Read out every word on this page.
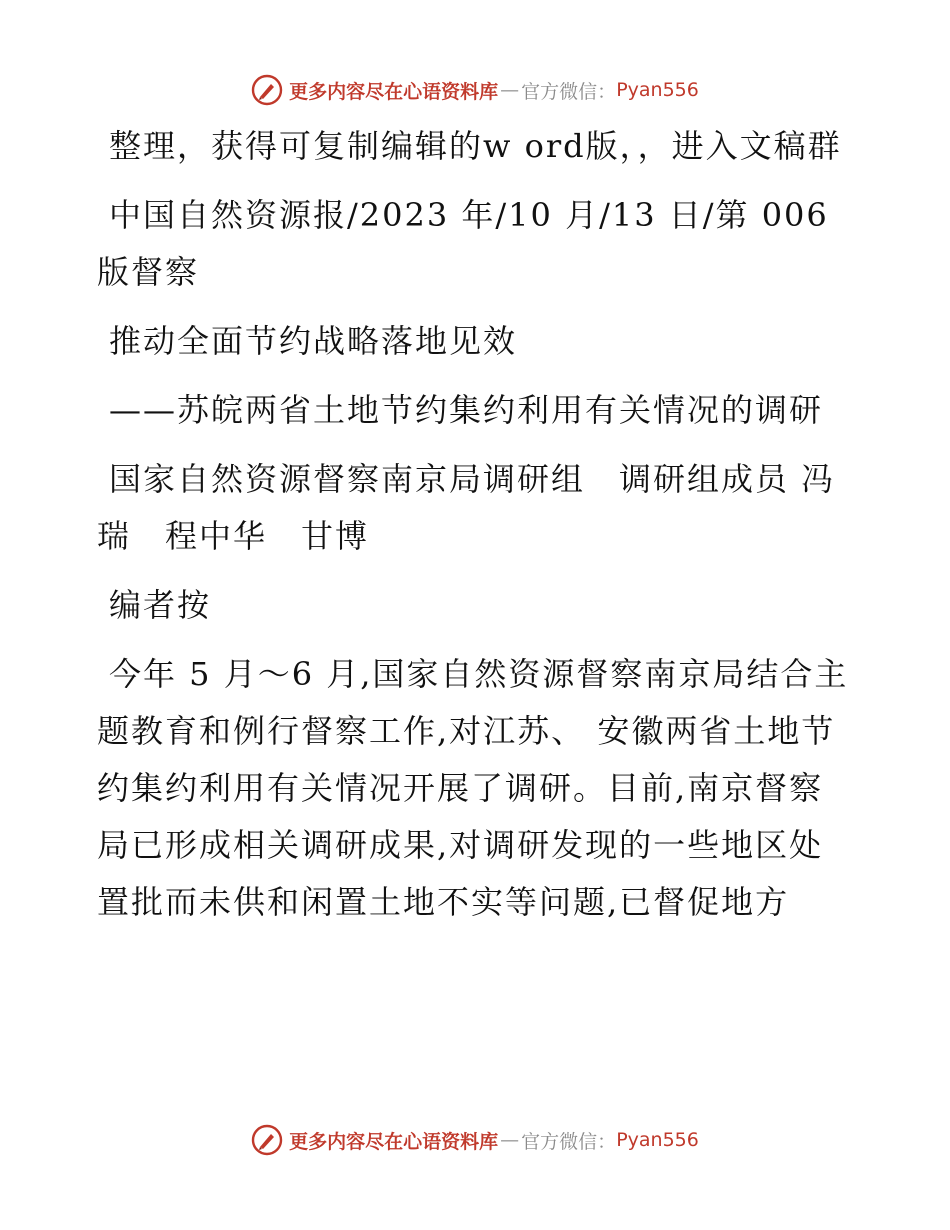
更多内容尽在心语资料库 — 官方微信： Pyan556

整理，获得可复制编辑的w ord版，，进入文稿群

中国自然资源报/2023 年/10 月/13 日/第 006 版督察

推动全面节约战略落地见效

——苏皖两省土地节约集约利用有关情况的调研

国家自然资源督察南京局调研组　调研组成员 冯瑞　程中华　甘博

编者按

今年 5 月～6 月,国家自然资源督察南京局结合主题教育和例行督察工作,对江苏、 安徽两省土地节约集约利用有关情况开展了调研。目前,南京督察局已形成相关调研成果,对调研发现的一些地区处置批而未供和闲置土地不实等问题,已督促地方

更多内容尽在心语资料库 — 官方微信： Pyan556
